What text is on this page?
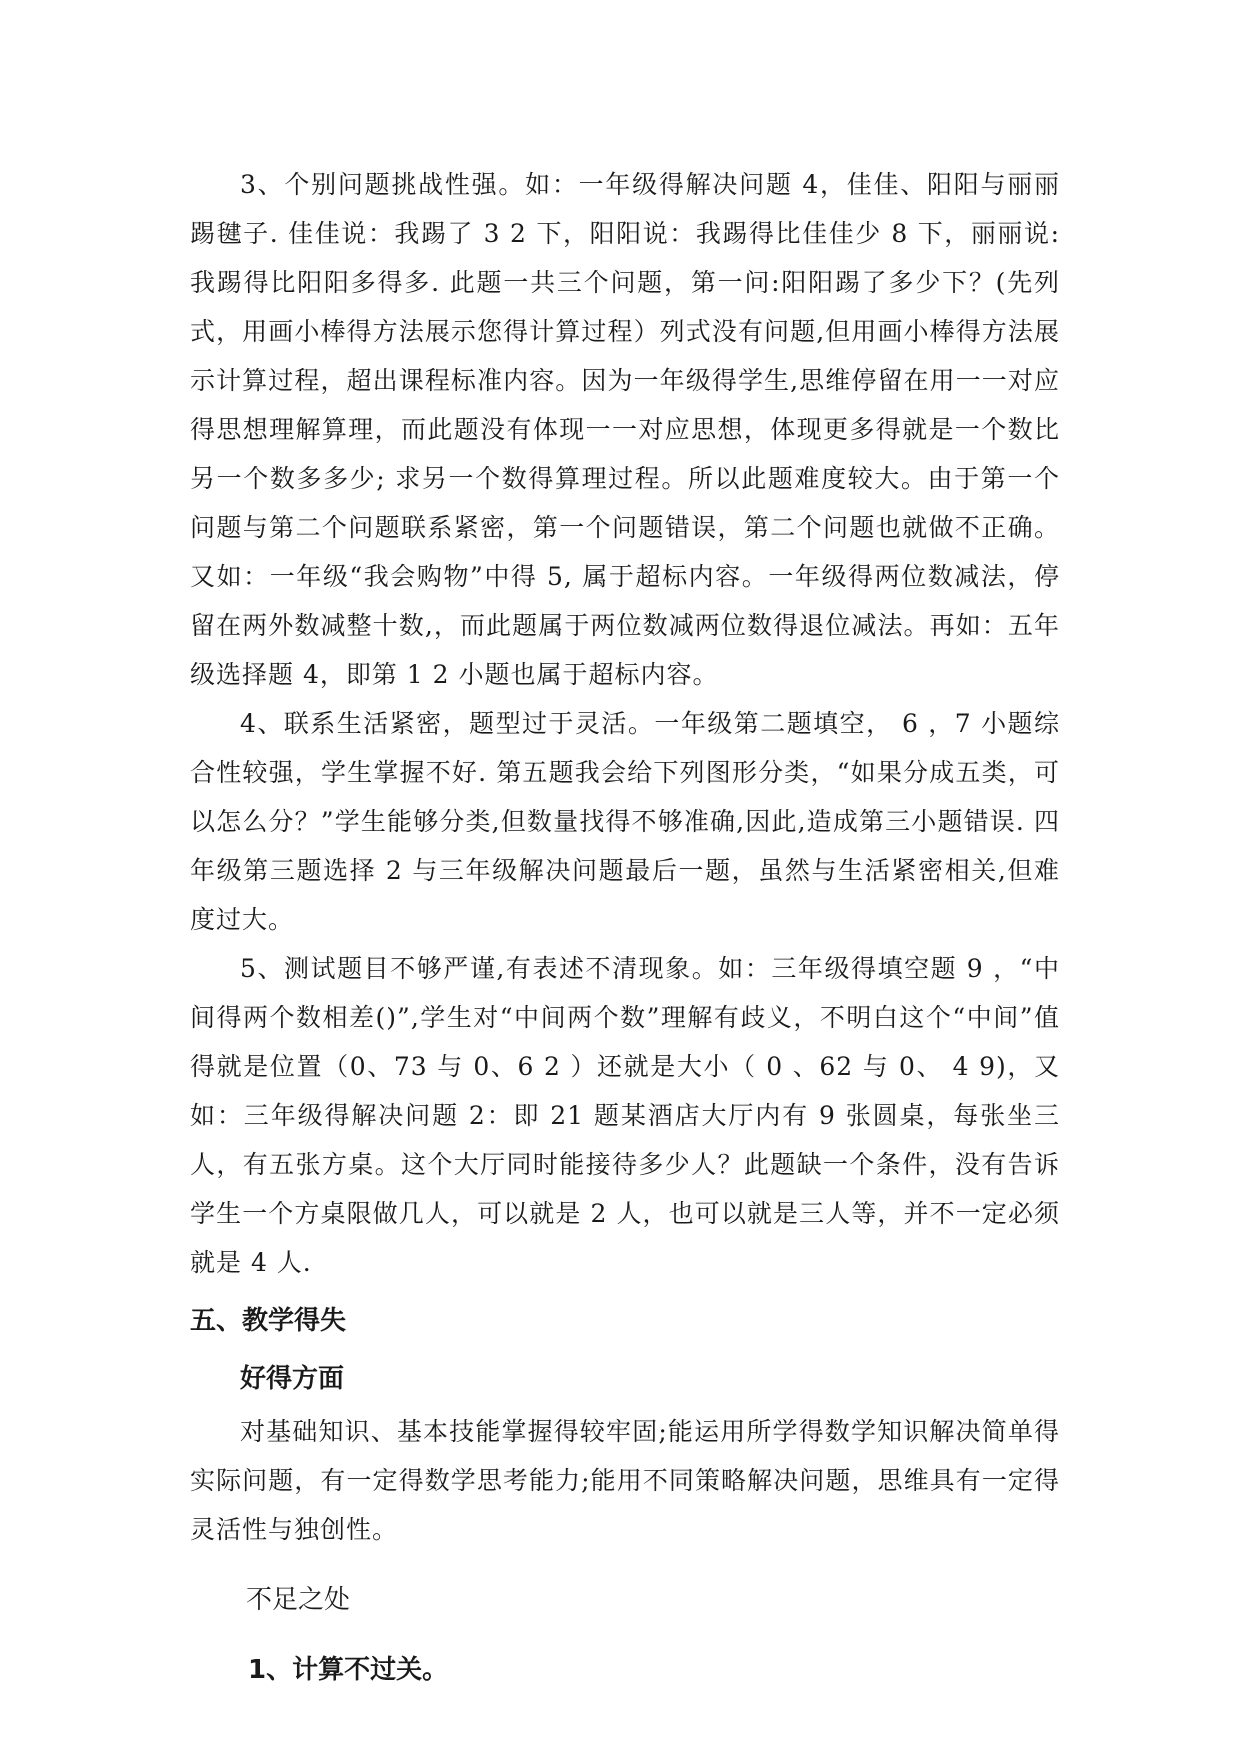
3、个别问题挑战性强。如：一年级得解决问题 4，佳佳、阳阳与丽丽踢毽子. 佳佳说：我踢了 3 2 下，阳阳说：我踢得比佳佳少 8 下，丽丽说:我踢得比阳阳多得多. 此题一共三个问题，第一问:阳阳踢了多少下？(先列式，用画小棒得方法展示您得计算过程）列式没有问题,但用画小棒得方法展示计算过程，超出课程标准内容。因为一年级得学生,思维停留在用一一对应得思想理解算理，而此题没有体现一一对应思想，体现更多得就是一个数比另一个数多多少; 求另一个数得算理过程。所以此题难度较大。由于第一个问题与第二个问题联系紧密，第一个问题错误，第二个问题也就做不正确。又如：一年级“我会购物”中得 5, 属于超标内容。一年级得两位数减法，停留在两外数减整十数,，而此题属于两位数减两位数得退位减法。再如：五年级选择题 4，即第 1 2 小题也属于超标内容。

4、联系生活紧密，题型过于灵活。一年级第二题填空， 6 ，7 小题综合性较强，学生掌握不好. 第五题我会给下列图形分类，“如果分成五类，可以怎么分？”学生能够分类,但数量找得不够准确,因此,造成第三小题错误. 四年级第三题选择 2 与三年级解决问题最后一题，虽然与生活紧密相关,但难度过大。

5、测试题目不够严谨,有表述不清现象。如：三年级得填空题 9 ，“中间得两个数相差()”,学生对“中间两个数”理解有歧义，不明白这个“中间”值得就是位置（0、73 与 0、6 2 ）还就是大小（ 0 、62 与 0、 4 9)，又如：三年级得解决问题 2：即 21 题某酒店大厅内有 9 张圆桌，每张坐三人，有五张方桌。这个大厅同时能接待多少人？此题缺一个条件，没有告诉学生一个方桌限做几人，可以就是 2 人，也可以就是三人等，并不一定必须就是 4 人.

五、教学得失
好得方面

对基础知识、基本技能掌握得较牢固;能运用所学得数学知识解决简单得实际问题，有一定得数学思考能力;能用不同策略解决问题，思维具有一定得灵活性与独创性。

不足之处
1、计算不过关。
